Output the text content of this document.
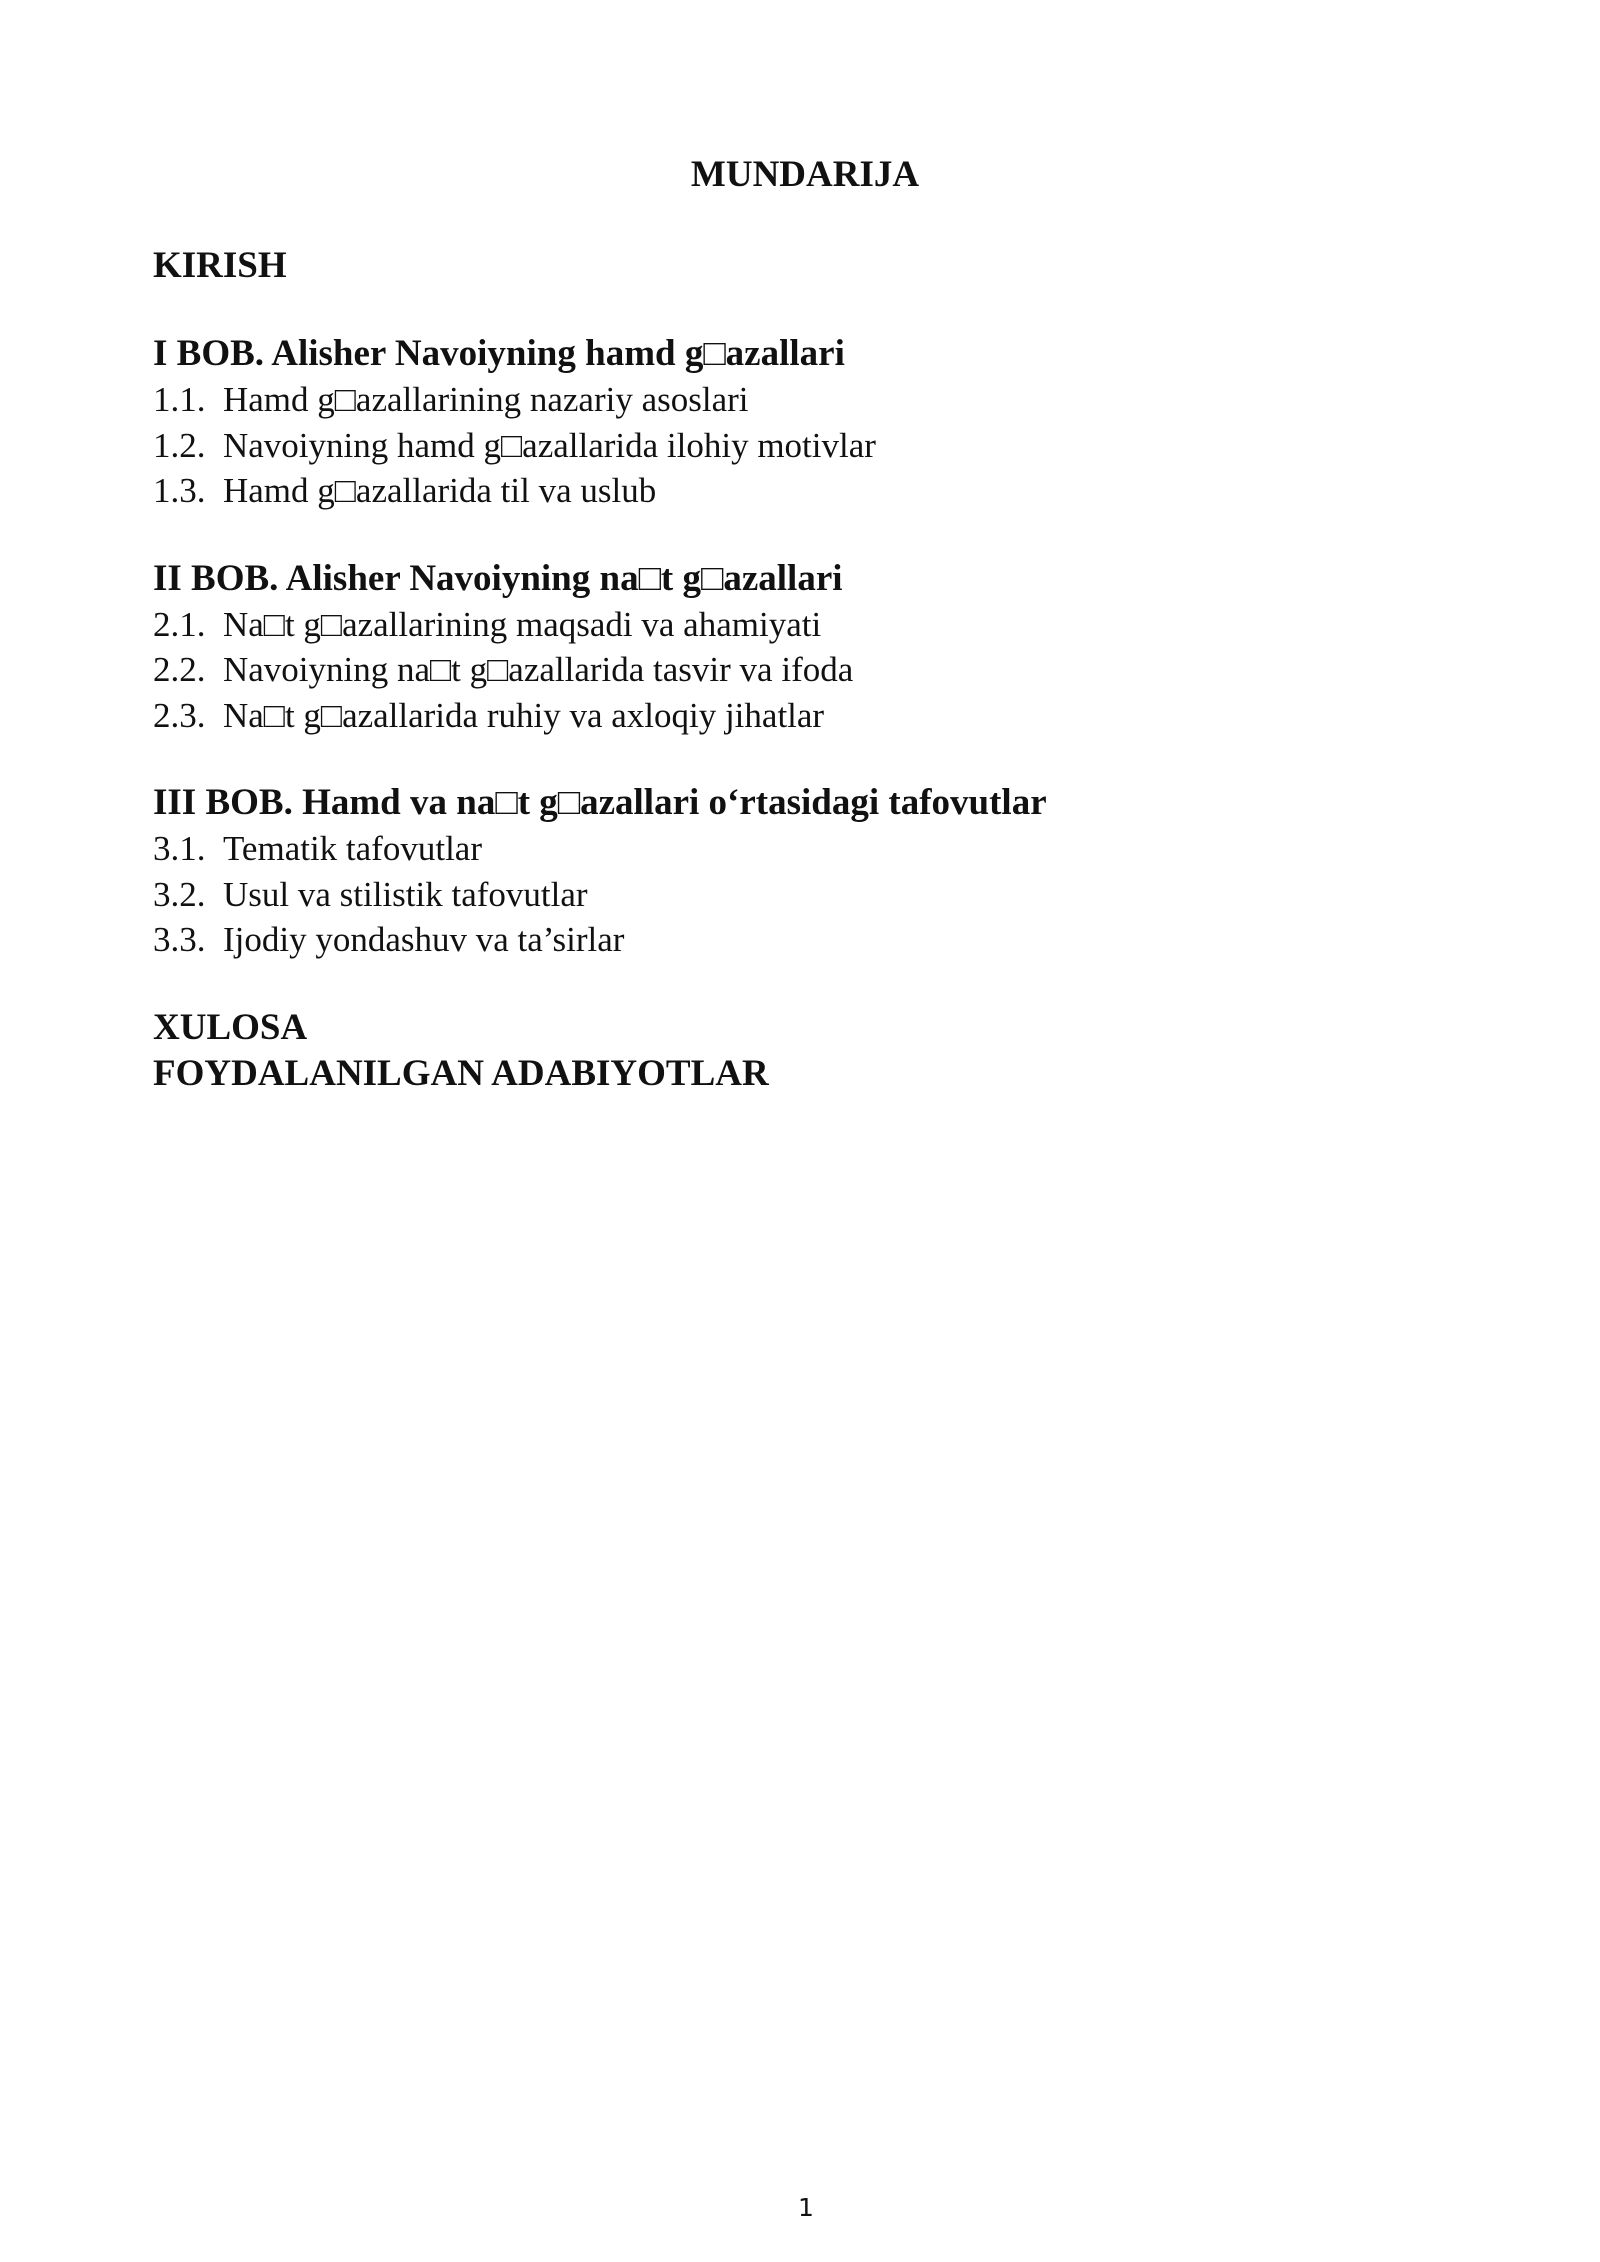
MUNDARIJA
KIRISH
I BOB. Alisher Navoiyning hamd g□azallari
1.1. Hamd g□azallarining nazariy asoslari
1.2. Navoiyning hamd g□azallarida ilohiy motivlar
1.3. Hamd g□azallarida til va uslub
II BOB. Alisher Navoiyning na□t g□azallari
2.1. Na□t g□azallarining maqsadi va ahamiyati
2.2. Navoiyning na□t g□azallarida tasvir va ifoda
2.3. Na□t g□azallarida ruhiy va axloqiy jihatlar
III BOB. Hamd va na□t g□azallari o‘rtasidagi tafovutlar
3.1. Tematik tafovutlar
3.2. Usul va stilistik tafovutlar
3.3. Ijodiy yondashuv va ta’sirlar
XULOSA
FOYDALANILGAN ADABIYOTLAR
1
